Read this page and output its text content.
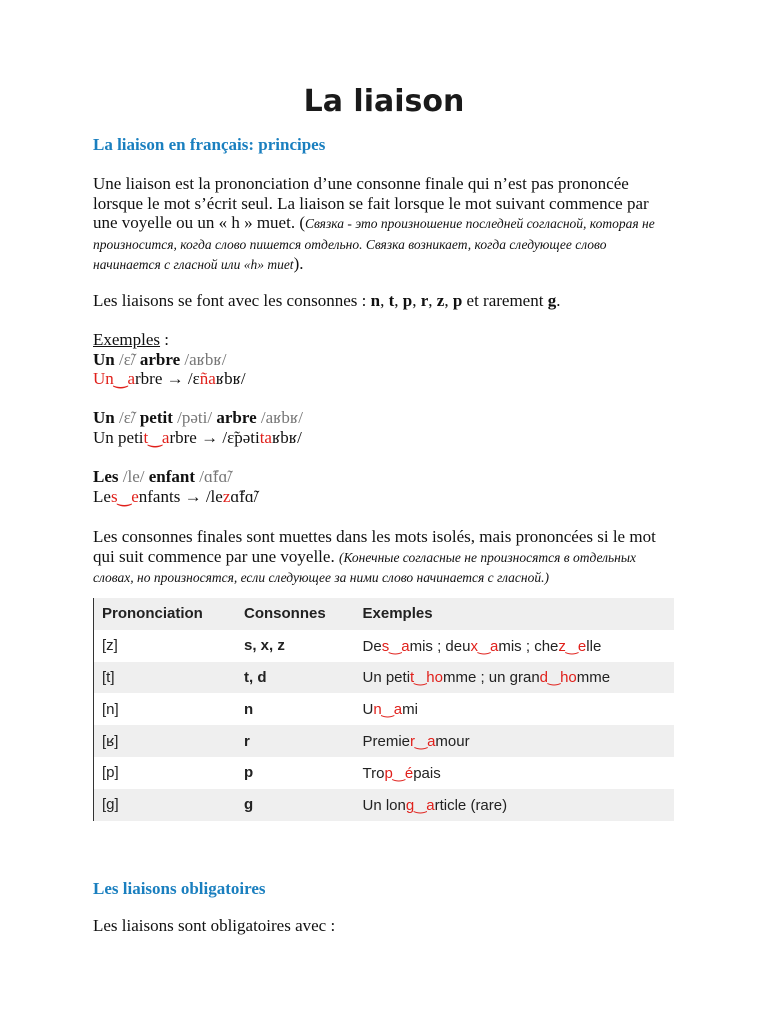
La liaison

La liaison en français: principes

Une liaison est la prononciation d’une consonne finale qui n’est pas prononcée lorsque le mot s’écrit seul. La liaison se fait lorsque le mot suivant commence par une voyelle ou un « h » muet. (Связка - это произношение последней согласной, которая не произносится, когда слово пишется отдельно. Связка возникает, когда следующее слово начинается с гласной или «h» muet).

Les liaisons se font avec les consonnes : n, t, p, r, z, p et rarement g.

Exemples :

Un /ɛ̃/ arbre /aʁbʁ/

Un‿arbre → /ɛñaʁbʁ/

Un /ɛ̃/ petit /pəti/ arbre /aʁbʁ/

Un petit‿arbre → /ɛ̃pətitaʁbʁ/

Les /le/ enfant /ɑ̃fɑ̃/

Les‿enfants → /lezɑ̃fɑ̃/

Les consonnes finales sont muettes dans les mots isolés, mais prononcées si le mot qui suit commence par une voyelle. (Конечные согласные не произносятся в отдельных словах, но произносятся, если следующее за ними слово начинается с гласной.)

Prononciation	Consonnes	Exemples
[z]	s, x, z	Des‿amis ; deux‿amis ; chez‿elle
[t]	t, d	Un petit‿homme ; un grand‿homme
[n]	n	Un‿ami
[ʁ]	r	Premier‿amour
[p]	p	Trop‿épais
[g]	g	Un long‿article (rare)

Les liaisons obligatoires

Les liaisons sont obligatoires avec :
